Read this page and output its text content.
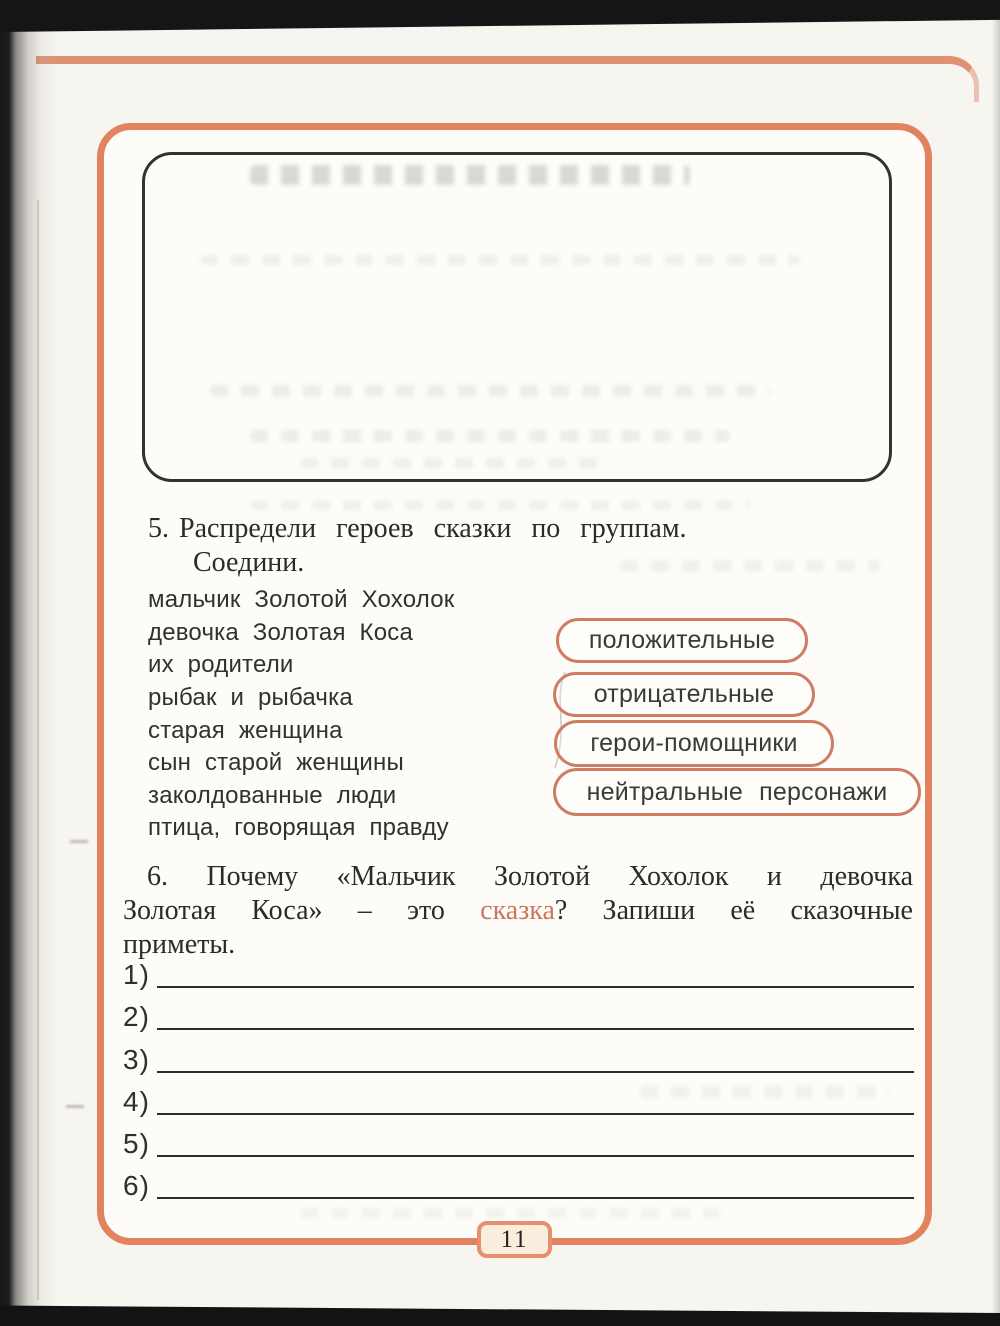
5. Распредели героев сказки по группам.
Соедини.
мальчик Золотой Хохолок
девочка Золотая Коса
их родители
рыбак и рыбачка
старая женщина
сын старой женщины
заколдованные люди
птица, говорящая правду
положительные
отрицательные
герои-помощники
нейтральные персонажи
6. Почему «Мальчик Золотой Хохолок и девочка
Золотая Коса» – это сказка? Запиши её сказочные
приметы.
1)
2)
3)
4)
5)
6)
11
